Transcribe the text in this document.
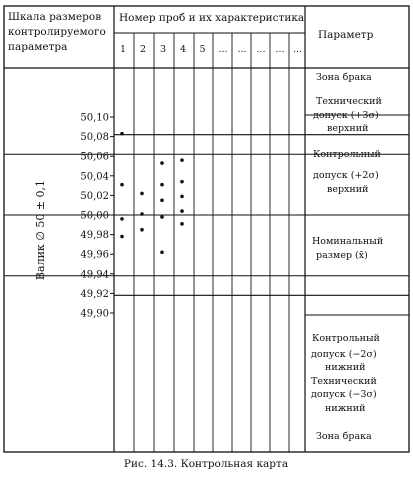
Шкала размеров
контролируемого
параметра
Номер проб и их характеристика
Параметр
Валик ∅ 50 ± 0,1
1 2 3 4 5 ... ... ... ... ...
50,10
50,08
50,06
50,04
50,02
50,00
49,98
49,96
49,94
49,92
49,90
Зона брака
Технический
допуск (+3σ)
верхний
Контрольный
допуск (+2σ)
верхний
Номинальный
размер (x̄)
Контрольный
допуск (−2σ)
нижний
Технический
допуск (−3σ)
нижний
Зона брака
Рис. 14.3. Контрольная карта
